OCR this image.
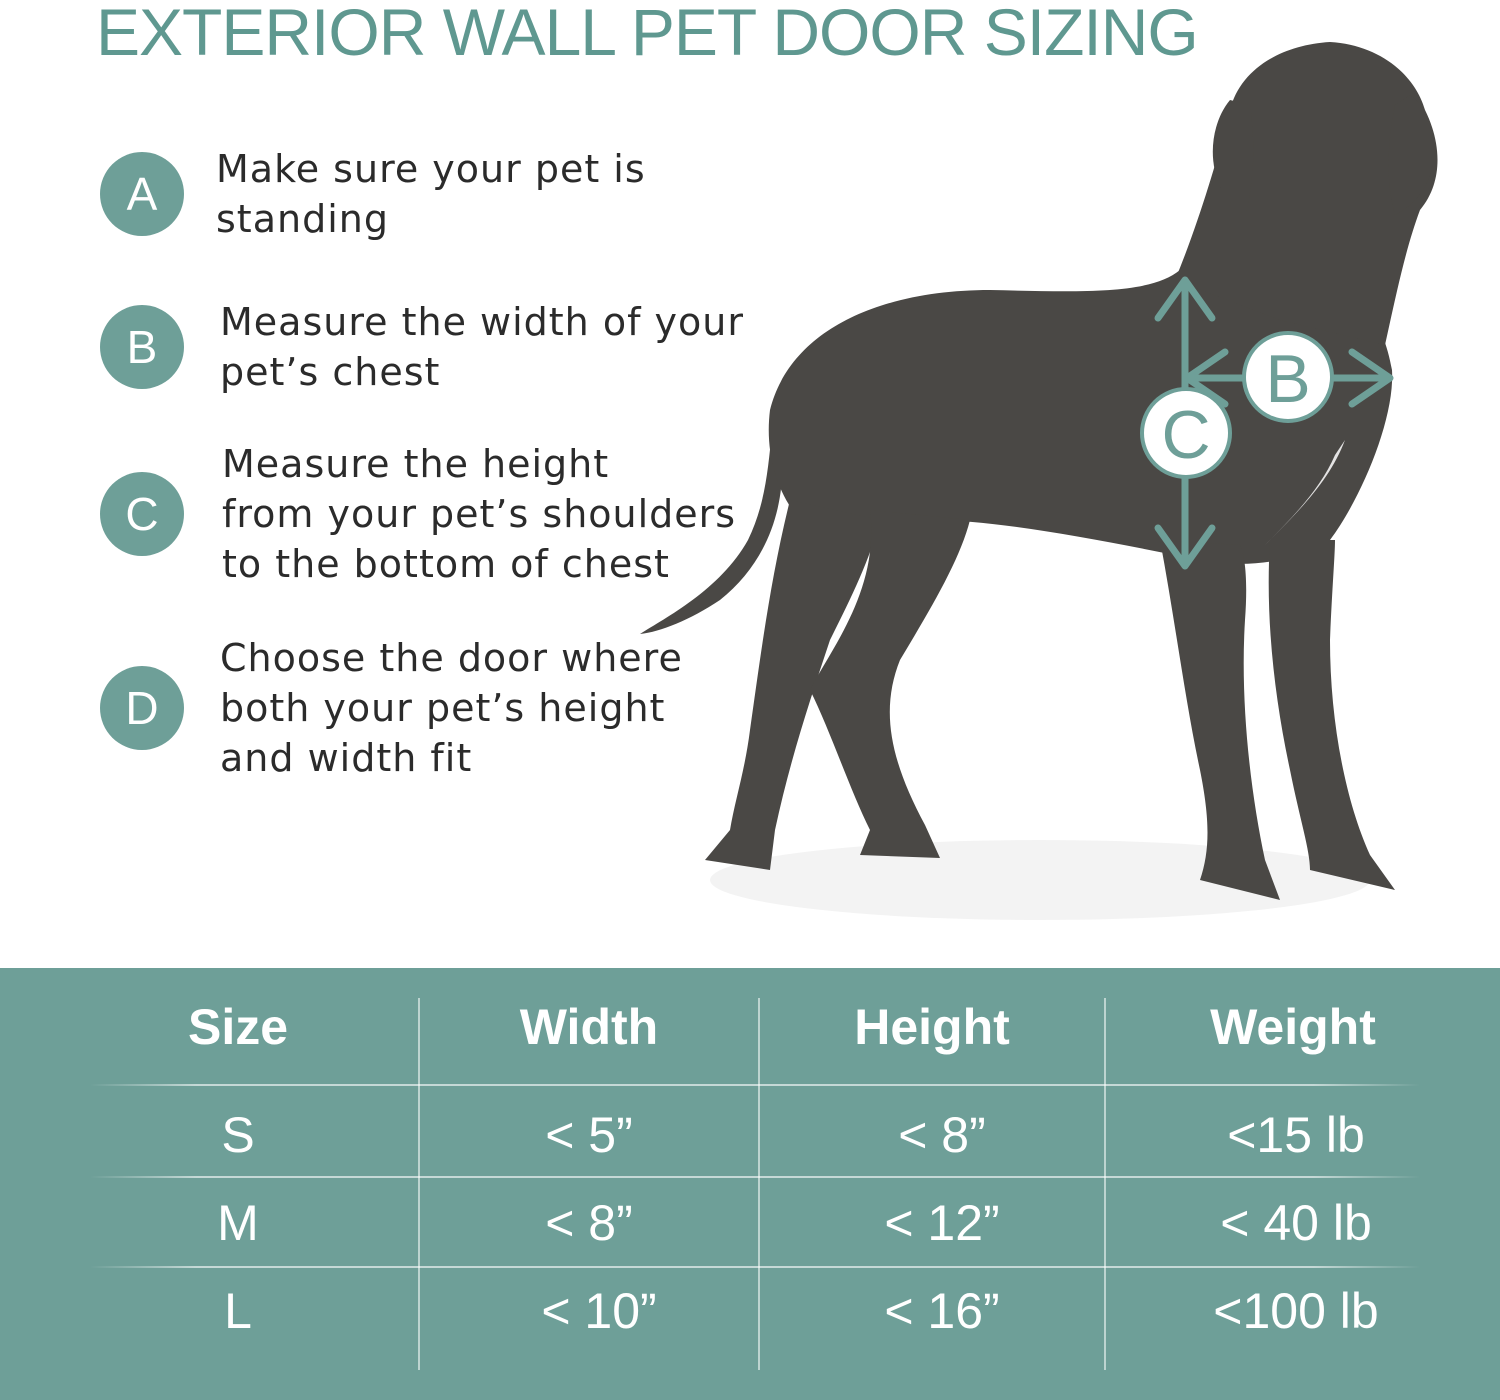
EXTERIOR WALL PET DOOR SIZING
A	Make sure your pet is
standing
B	Measure the width of your
pet’s chest
C
Measure the height
from your pet’s shoulders
to the bottom of chest
D
Choose the door where
both your pet’s height
and width fit
B
C
Size	Width	Height	Weight
S	< 5”	< 8”	<15 lb
M	< 8”	< 12”	< 40 lb
L	< 10”	< 16”	<100 lb
